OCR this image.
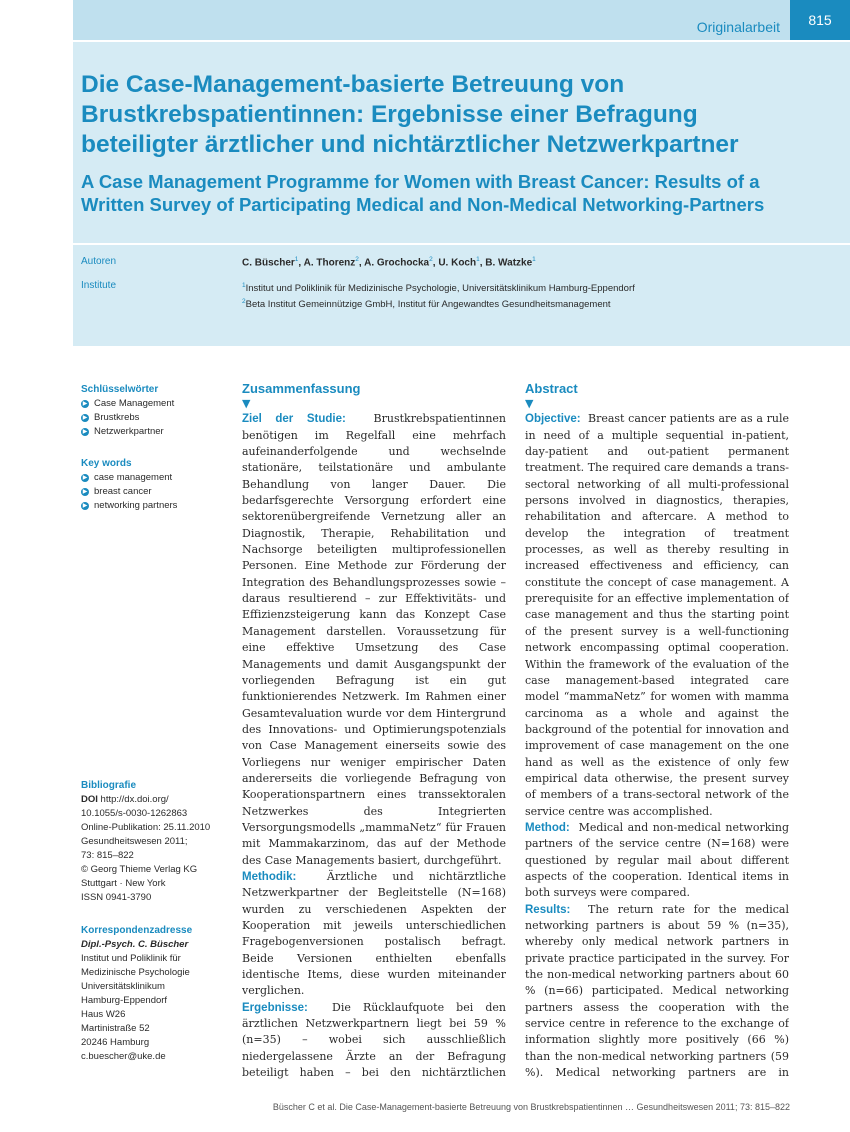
Originalarbeit	815
Die Case-Management-basierte Betreuung von Brustkrebspatientinnen: Ergebnisse einer Befragung beteiligter ärztlicher und nichtärztlicher Netzwerkpartner
A Case Management Programme for Women with Breast Cancer: Results of a Written Survey of Participating Medical and Non-Medical Networking-Partners
Autoren	C. Büscher$^1$, A. Thorenz$^2$, A. Grochocka$^2$, U. Koch$^1$, B. Watzke$^1$
Institute	$^1$Institut und Poliklinik für Medizinische Psychologie, Universitätsklinikum Hamburg-Eppendorf
$^2$Beta Institut Gemeinnützige GmbH, Institut für Angewandtes Gesundheitsmanagement
Schlüsselwörter
▶ Case Management
▶ Brustkrebs
▶ Netzwerkpartner
Key words
▶ case management
▶ breast cancer
▶ networking partners
Bibliografie
DOI http://dx.doi.org/
10.1055/s-0030-1262863
Online-Publikation: 25.11.2010
Gesundheitswesen 2011;
73: 815–822
© Georg Thieme Verlag KG
Stuttgart · New York
ISSN 0941-3790
Korrespondenzadresse
Dipl.-Psych. C. Büscher
Institut und Poliklinik für
Medizinische Psychologie
Universitätsklinikum
Hamburg-Eppendorf
Haus W26
Martinistraße 52
20246 Hamburg
c.buescher@uke.de
Zusammenfassung
▼

Ziel der Studie:	Brustkrebspatientinnen benötigen im Regelfall eine mehrfach aufeinanderfolgende und wechselnde stationäre, teilstationäre und ambulante Behandlung von langer Dauer. Die bedarfsgerechte Versorgung erfordert eine sektorenübergreifende Vernetzung aller an Diagnostik, Therapie, Rehabilitation und Nachsorge beteiligten multiprofessionellen Personen. Eine Methode zur Förderung der Integration des Behandlungsprozesses sowie – daraus resultierend – zur Effektivitäts- und Effizienzsteigerung kann das Konzept Case Management darstellen. Voraussetzung für eine effektive Umsetzung des Case Managements und damit Ausgangspunkt der vorliegenden Befragung ist ein gut funktionierendes Netzwerk. Im Rahmen einer Gesamtevaluation wurde vor dem Hintergrund des Innovations- und Optimierungspotenzials von Case Management einerseits sowie des Vorliegens nur weniger empirischer Daten andererseits die vorliegende Befragung von Kooperationspartnern eines transsektoralen Netzwerkes des Integrierten Versorgungsmodells „mammaNetz“ für Frauen mit Mammakarzinom, das auf der Methode des Case Managements basiert, durchgeführt.

Methodik:	Ärztliche und nichtärztliche Netzwerkpartner der Begleitstelle (N=168) wurden zu verschiedenen Aspekten der Kooperation mit jeweils unterschiedlichen Fragebogenversionen postalisch befragt. Beide Versionen enthielten ebenfalls identische Items, diese wurden miteinander verglichen.

Ergebnisse: Die Rücklaufquote bei den ärztlichen Netzwerkpartnern liegt bei 59 % (n=35) – wobei sich ausschließlich niedergelassene Ärzte an der Befragung beteiligt haben – bei den nichtärztlichen

Abstract
▼

Objective: Breast cancer patients are as a rule in need of a multiple sequential in-patient, day-patient and out-patient permanent treatment. The required care demands a trans-sectoral networking of all multi-professional persons involved in diagnostics, therapies, rehabilitation and aftercare. A method to develop the integration of treatment processes, as well as thereby resulting in increased effectiveness and efficiency, can constitute the concept of case management. A prerequisite for an effective implementation of case management and thus the starting point of the present survey is a well-functioning network encompassing optimal cooperation. Within the framework of the evaluation of the case management-based integrated care model “mammaNetz” for women with mamma carcinoma as a whole and against the background of the potential for innovation and improvement of case management on the one hand as well as the existence of only few empirical data otherwise, the present survey of members of a trans-sectoral network of the service centre was accomplished.

Method: Medical and non-medical networking partners of the service centre (N=168) were questioned by regular mail about different aspects of the cooperation. Identical items in both surveys were compared.

Results: The return rate for the medical networking partners is about 59 % (n=35), whereby only medical network partners in private practice participated in the survey. For the non-medical networking partners about 60 % (n=66) participated. Medical networking partners assess the cooperation with the service centre in reference to the exchange of information slightly more positively (66 %) than the non-medical networking partners (59 %). Medical networking partners are in

Büscher C et al. Die Case-Management-basierte Betreuung von Brustkrebspatientinnen … Gesundheitswesen 2011; 73: 815–822
